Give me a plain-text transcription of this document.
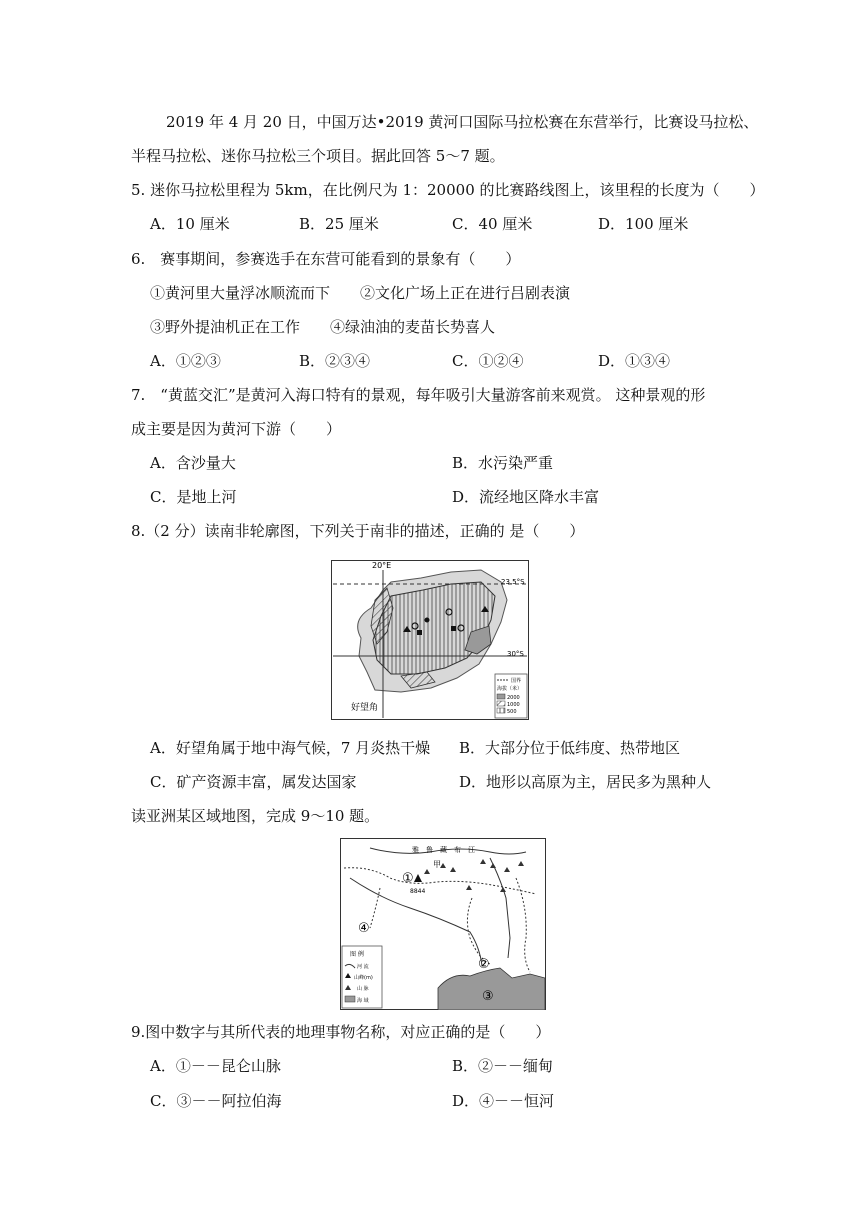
2019 年 4 月 20 日，中国万达•2019 黄河口国际马拉松赛在东营举行，比赛设马拉松、
半程马拉松、迷你马拉松三个项目。据此回答 5～7 题。
5. 迷你马拉松里程为 5km，在比例尺为 1：20000 的比赛路线图上，该里程的长度为（　　）
A．10 厘米	B．25 厘米	C．40 厘米	D．100 厘米
6.　赛事期间，参赛选手在东营可能看到的景象有（　　）
①黄河里大量浮冰顺流而下　　②文化广场上正在进行吕剧表演
③野外提油机正在工作　　④绿油油的麦苗长势喜人
A．①②③	B．②③④	C．①②④	D．①③④
7.　“黄蓝交汇”是黄河入海口特有的景观，每年吸引大量游客前来观赏。 这种景观的形
成主要是因为黄河下游（　　）
A．含沙量大	B．水污染严重
C．是地上河	D．流经地区降水丰富
8.（2 分）读南非轮廓图，下列关于南非的描述，正确的 是（　　）
20°E
23.5°S
30°S
好望角
国界
海拔（米）
2000
1000
500
A．好望角属于地中海气候，7 月炎热干燥 B．大部分位于低纬度、热带地区
C．矿产资源丰富，属发达国家	D．地形以高原为主，居民多为黑种人
读亚洲某区域地图，完成 9～10 题。
雅　鲁　藏　布　江
甲
8844
①
②
③
④
图 例
河 流
山峰(m)
山 脉
海 域
9.图中数字与其所代表的地理事物名称，对应正确的是（　　）
A．①－－昆仑山脉	B．②－－缅甸
C．③－－阿拉伯海	D．④－－恒河
